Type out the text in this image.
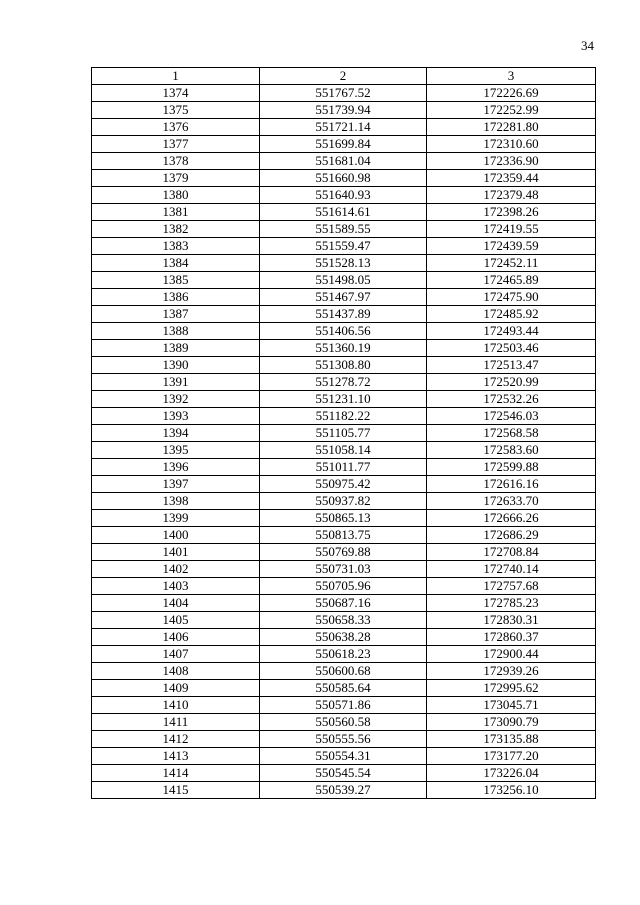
34
1	2	3
1374	551767.52	172226.69
1375	551739.94	172252.99
1376	551721.14	172281.80
1377	551699.84	172310.60
1378	551681.04	172336.90
1379	551660.98	172359.44
1380	551640.93	172379.48
1381	551614.61	172398.26
1382	551589.55	172419.55
1383	551559.47	172439.59
1384	551528.13	172452.11
1385	551498.05	172465.89
1386	551467.97	172475.90
1387	551437.89	172485.92
1388	551406.56	172493.44
1389	551360.19	172503.46
1390	551308.80	172513.47
1391	551278.72	172520.99
1392	551231.10	172532.26
1393	551182.22	172546.03
1394	551105.77	172568.58
1395	551058.14	172583.60
1396	551011.77	172599.88
1397	550975.42	172616.16
1398	550937.82	172633.70
1399	550865.13	172666.26
1400	550813.75	172686.29
1401	550769.88	172708.84
1402	550731.03	172740.14
1403	550705.96	172757.68
1404	550687.16	172785.23
1405	550658.33	172830.31
1406	550638.28	172860.37
1407	550618.23	172900.44
1408	550600.68	172939.26
1409	550585.64	172995.62
1410	550571.86	173045.71
1411	550560.58	173090.79
1412	550555.56	173135.88
1413	550554.31	173177.20
1414	550545.54	173226.04
1415	550539.27	173256.10
